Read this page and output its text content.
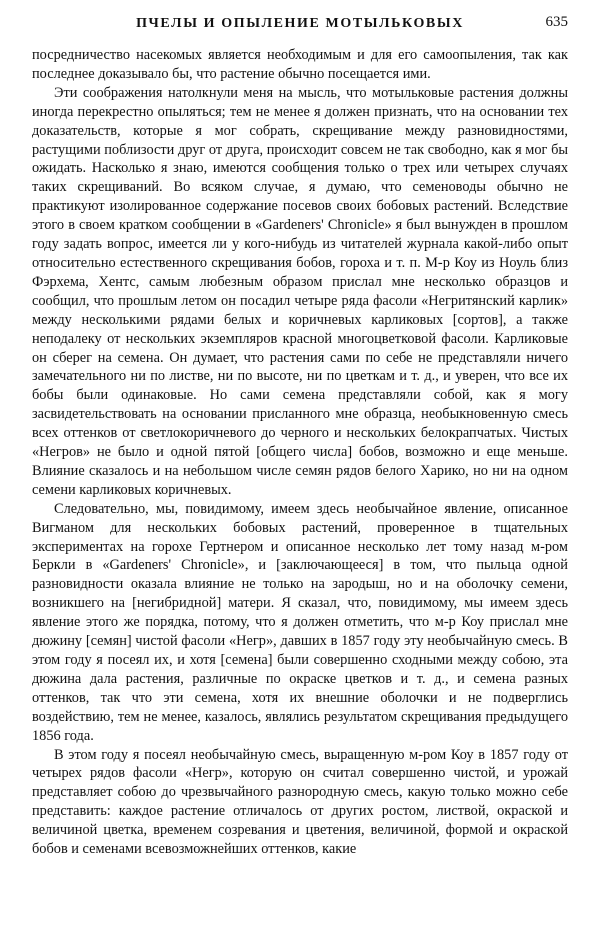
ПЧЕЛЫ И ОПЫЛЕНИЕ МОТЫЛЬКОВЫХ	635

посредничество насекомых является необходимым и для его самоопыления, так как последнее доказывало бы, что растение обычно посещается ими.

Эти соображения натолкнули меня на мысль, что мотыльковые растения должны иногда перекрестно опыляться; тем не менее я должен признать, что на основании тех доказательств, которые я мог собрать, скрещивание между разновидностями, растущими поблизости друг от друга, происходит совсем не так свободно, как я мог бы ожидать. Насколько я знаю, имеются сообщения только о трех или четырех случаях таких скрещиваний. Во всяком случае, я думаю, что семеноводы обычно не практикуют изолированное содержание посевов своих бобовых растений. Вследствие этого в своем кратком сообщении в «Gardeners' Chronicle» я был вынужден в прошлом году задать вопрос, имеется ли у кого-нибудь из читателей журнала какой-либо опыт относительно естественного скрещивания бобов, гороха и т. п. М-р Коу из Ноуль близ Фэрхема, Хентс, самым любезным образом прислал мне несколько образцов и сообщил, что прошлым летом он посадил четыре ряда фасоли «Негритянский карлик» между несколькими рядами белых и коричневых карликовых [сортов], а также неподалеку от нескольких экземпляров красной многоцветковой фасоли. Карликовые он сберег на семена. Он думает, что растения сами по себе не представляли ничего замечательного ни по листве, ни по высоте, ни по цветкам и т. д., и уверен, что все их бобы были одинаковые. Но сами семена представляли собой, как я могу засвидетельствовать на основании присланного мне образца, необыкновенную смесь всех оттенков от светлокоричневого до черного и нескольких белокрапчатых. Чистых «Негров» не было и одной пятой [общего числа] бобов, возможно и еще меньше. Влияние сказалось и на небольшом числе семян рядов белого Харико, но ни на одном семени карликовых коричневых.

Следовательно, мы, повидимому, имеем здесь необычайное явление, описанное Вигманом для нескольких бобовых растений, провереннoe в тщательных экспериментах на горохе Гертнером и описанное несколько лет тому назад м-ром Беркли в «Gardeners' Chronicle», и [заключающееся] в том, что пыльца одной разновидности оказала влияние не только на зародыш, но и на оболочку семени, возникшего на [негибридной] матери. Я сказал, что, повидимому, мы имеем здесь явление этого же порядка, потому, что я должен отметить, что м-р Коу прислал мне дюжину [семян] чистой фасоли «Негр», давших в 1857 году эту необычайную смесь. В этом году я посеял их, и хотя [семена] были совершенно сходными между собою, эта дюжина дала растения, различные по окраске цветков и т. д., и семена разных оттенков, так что эти семена, хотя их внешние оболочки и не подверглись воздействию, тем не менее, казалось, являлись результатом скрещивания предыдущего 1856 года.

В этом году я посеял необычайную смесь, выращенную м-ром Коу в 1857 году от четырех рядов фасоли «Негр», которую он считал совершенно чистой, и урожай представляет собою до чрезвычайного разнородную смесь, какую только можно себе представить: каждое растение отличалось от других ростом, листвой, окраской и величиной цветка, временем созревания и цветения, величиной, формой и окраской бобов и семенами всевозможнейших оттенков, какие
